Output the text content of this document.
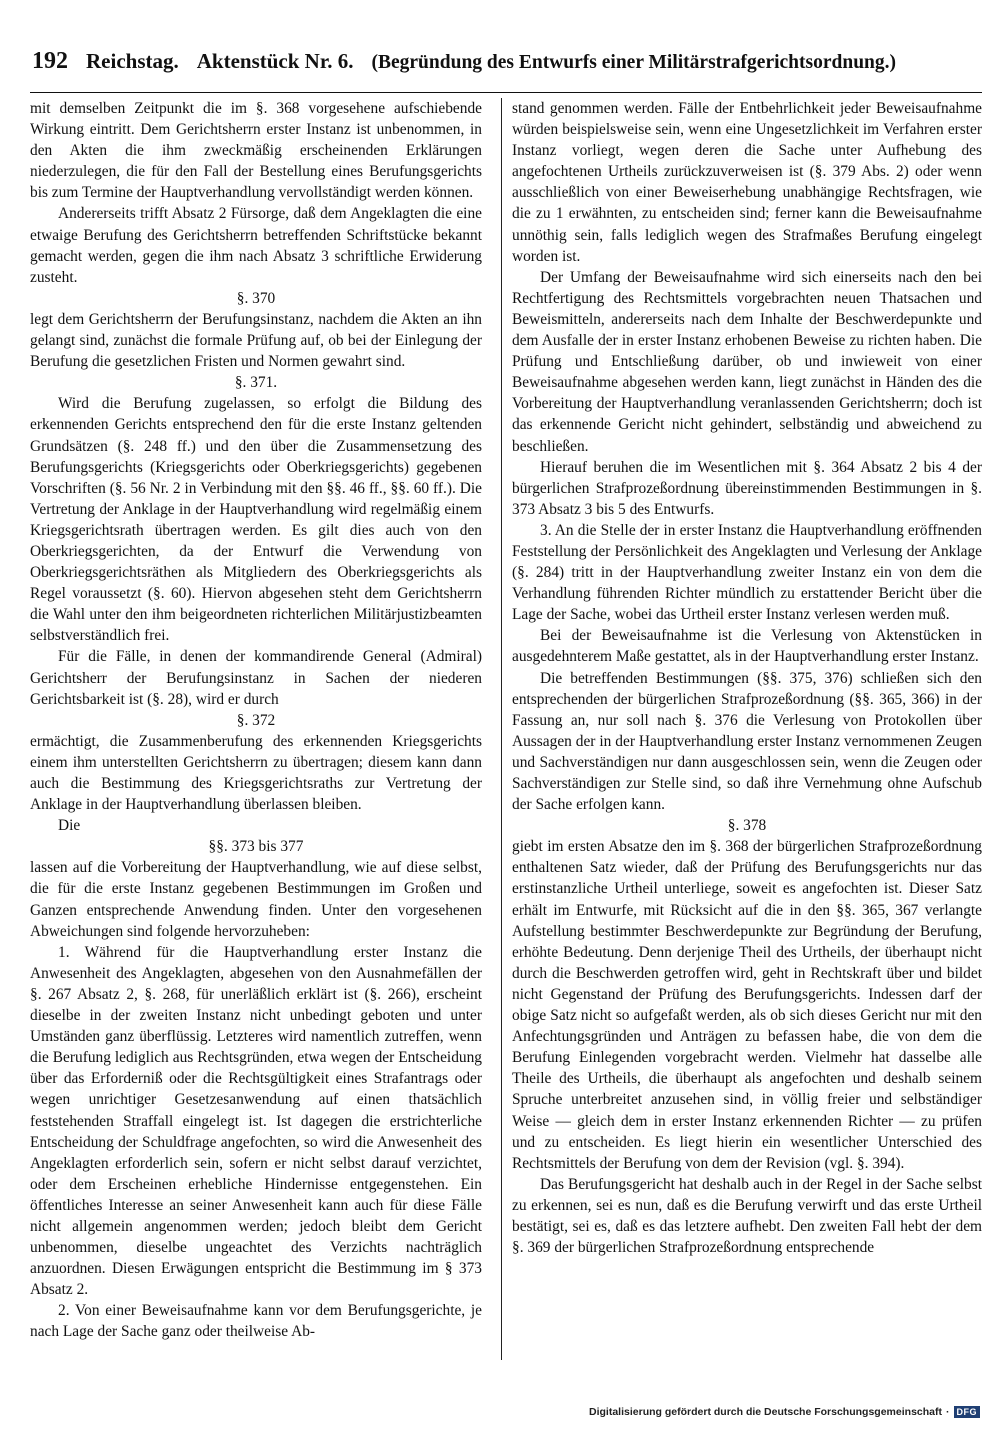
192 Reichstag. Aktenstück Nr. 6. (Begründung des Entwurfs einer Militärstrafgerichtsordnung.)

mit demselben Zeitpunkt die im §. 368 vorgesehene aufschiebende Wirkung eintritt. Dem Gerichtsherrn erster Instanz ist unbenommen, in den Akten die ihm zweckmäßig erscheinenden Erklärungen niederzulegen, die für den Fall der Bestellung eines Berufungsgerichts bis zum Termine der Hauptverhandlung vervollständigt werden können.

Andererseits trifft Absatz 2 Fürsorge, daß dem Angeklagten die eine etwaige Berufung des Gerichtsherrn betreffenden Schriftstücke bekannt gemacht werden, gegen die ihm nach Absatz 3 schriftliche Erwiderung zusteht.

§. 370

legt dem Gerichtsherrn der Berufungsinstanz, nachdem die Akten an ihn gelangt sind, zunächst die formale Prüfung auf, ob bei der Einlegung der Berufung die gesetzlichen Fristen und Normen gewahrt sind.

§. 371.

Wird die Berufung zugelassen, so erfolgt die Bildung des erkennenden Gerichts entsprechend den für die erste Instanz geltenden Grundsätzen (§. 248 ff.) und den über die Zusammensetzung des Berufungsgerichts (Kriegsgerichts oder Oberkriegsgerichts) gegebenen Vorschriften (§. 56 Nr. 2 in Verbindung mit den §§. 46 ff., §§. 60 ff.). Die Vertretung der Anklage in der Hauptverhandlung wird regelmäßig einem Kriegsgerichtsrath übertragen werden. Es gilt dies auch von den Oberkriegsgerichten, da der Entwurf die Verwendung von Oberkriegsgerichtsräthen als Mitgliedern des Oberkriegsgerichts als Regel voraussetzt (§. 60). Hiervon abgesehen steht dem Gerichtsherrn die Wahl unter den ihm beigeordneten richterlichen Militärjustizbeamten selbstverständlich frei.

Für die Fälle, in denen der kommandirende General (Admiral) Gerichtsherr der Berufungsinstanz in Sachen der niederen Gerichtsbarkeit ist (§. 28), wird er durch

§. 372

ermächtigt, die Zusammenberufung des erkennenden Kriegsgerichts einem ihm unterstellten Gerichtsherrn zu übertragen; diesem kann dann auch die Bestimmung des Kriegsgerichtsraths zur Vertretung der Anklage in der Hauptverhandlung überlassen bleiben.

Die

§§. 373 bis 377

lassen auf die Vorbereitung der Hauptverhandlung, wie auf diese selbst, die für die erste Instanz gegebenen Bestimmungen im Großen und Ganzen entsprechende Anwendung finden. Unter den vorgesehenen Abweichungen sind folgende hervorzuheben:

1. Während für die Hauptverhandlung erster Instanz die Anwesenheit des Angeklagten, abgesehen von den Ausnahmefällen der §. 267 Absatz 2, §. 268, für unerläßlich erklärt ist (§. 266), erscheint dieselbe in der zweiten Instanz nicht unbedingt geboten und unter Umständen ganz überflüssig. Letzteres wird namentlich zutreffen, wenn die Berufung lediglich aus Rechtsgründen, etwa wegen der Entscheidung über das Erforderniß oder die Rechtsgültigkeit eines Strafantrags oder wegen unrichtiger Gesetzesanwendung auf einen thatsächlich feststehenden Straffall eingelegt ist. Ist dagegen die erstrichterliche Entscheidung der Schuldfrage angefochten, so wird die Anwesenheit des Angeklagten erforderlich sein, sofern er nicht selbst darauf verzichtet, oder dem Erscheinen erhebliche Hindernisse entgegenstehen. Ein öffentliches Interesse an seiner Anwesenheit kann auch für diese Fälle nicht allgemein angenommen werden; jedoch bleibt dem Gericht unbenommen, dieselbe ungeachtet des Verzichts nachträglich anzuordnen. Diesen Erwägungen entspricht die Bestimmung im § 373 Absatz 2.

2. Von einer Beweisaufnahme kann vor dem Berufungsgerichte, je nach Lage der Sache ganz oder theilweise Ab-

stand genommen werden. Fälle der Entbehrlichkeit jeder Beweisaufnahme würden beispielsweise sein, wenn eine Ungesetzlichkeit im Verfahren erster Instanz vorliegt, wegen deren die Sache unter Aufhebung des angefochtenen Urtheils zurückzuverweisen ist (§. 379 Abs. 2) oder wenn ausschließlich von einer Beweiserhebung unabhängige Rechtsfragen, wie die zu 1 erwähnten, zu entscheiden sind; ferner kann die Beweisaufnahme unnöthig sein, falls lediglich wegen des Strafmaßes Berufung eingelegt worden ist.

Der Umfang der Beweisaufnahme wird sich einerseits nach den bei Rechtfertigung des Rechtsmittels vorgebrachten neuen Thatsachen und Beweismitteln, andererseits nach dem Inhalte der Beschwerdepunkte und dem Ausfalle der in erster Instanz erhobenen Beweise zu richten haben. Die Prüfung und Entschließung darüber, ob und inwieweit von einer Beweisaufnahme abgesehen werden kann, liegt zunächst in Händen des die Vorbereitung der Hauptverhandlung veranlassenden Gerichtsherrn; doch ist das erkennende Gericht nicht gehindert, selbständig und abweichend zu beschließen.

Hierauf beruhen die im Wesentlichen mit §. 364 Absatz 2 bis 4 der bürgerlichen Strafprozeßordnung übereinstimmenden Bestimmungen in §. 373 Absatz 3 bis 5 des Entwurfs.

3. An die Stelle der in erster Instanz die Hauptverhandlung eröffnenden Feststellung der Persönlichkeit des Angeklagten und Verlesung der Anklage (§. 284) tritt in der Hauptverhandlung zweiter Instanz ein von dem die Verhandlung führenden Richter mündlich zu erstattender Bericht über die Lage der Sache, wobei das Urtheil erster Instanz verlesen werden muß.

Bei der Beweisaufnahme ist die Verlesung von Aktenstücken in ausgedehnterem Maße gestattet, als in der Hauptverhandlung erster Instanz.

Die betreffenden Bestimmungen (§§. 375, 376) schließen sich den entsprechenden der bürgerlichen Strafprozeßordnung (§§. 365, 366) in der Fassung an, nur soll nach §. 376 die Verlesung von Protokollen über Aussagen der in der Hauptverhandlung erster Instanz vernommenen Zeugen und Sachverständigen nur dann ausgeschlossen sein, wenn die Zeugen oder Sachverständigen zur Stelle sind, so daß ihre Vernehmung ohne Aufschub der Sache erfolgen kann.

§. 378

giebt im ersten Absatze den im §. 368 der bürgerlichen Strafprozeßordnung enthaltenen Satz wieder, daß der Prüfung des Berufungsgerichts nur das erstinstanzliche Urtheil unterliege, soweit es angefochten ist. Dieser Satz erhält im Entwurfe, mit Rücksicht auf die in den §§. 365, 367 verlangte Aufstellung bestimmter Beschwerdepunkte zur Begründung der Berufung, erhöhte Bedeutung. Denn derjenige Theil des Urtheils, der überhaupt nicht durch die Beschwerden getroffen wird, geht in Rechtskraft über und bildet nicht Gegenstand der Prüfung des Berufungsgerichts. Indessen darf der obige Satz nicht so aufgefaßt werden, als ob sich dieses Gericht nur mit den Anfechtungsgründen und Anträgen zu befassen habe, die von dem die Berufung Einlegenden vorgebracht werden. Vielmehr hat dasselbe alle Theile des Urtheils, die überhaupt als angefochten und deshalb seinem Spruche unterbreitet anzusehen sind, in völlig freier und selbständiger Weise — gleich dem in erster Instanz erkennenden Richter — zu prüfen und zu entscheiden. Es liegt hierin ein wesentlicher Unterschied des Rechtsmittels der Berufung von dem der Revision (vgl. §. 394).

Das Berufungsgericht hat deshalb auch in der Regel in der Sache selbst zu erkennen, sei es nun, daß es die Berufung verwirft und das erste Urtheil bestätigt, sei es, daß es das letztere aufhebt. Den zweiten Fall hebt der dem §. 369 der bürgerlichen Strafprozeßordnung entsprechende

Digitalisierung gefördert durch die Deutsche Forschungsgemeinschaft · DFG
